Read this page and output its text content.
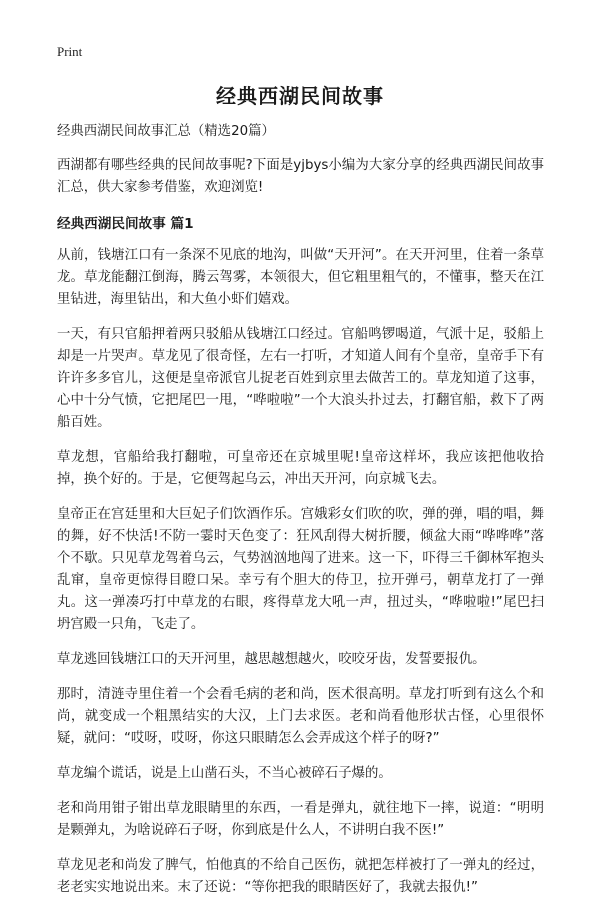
Print
经典西湖民间故事

经典西湖民间故事汇总（精选20篇）

西湖都有哪些经典的民间故事呢?下面是yjbys小编为大家分享的经典西湖民间故事汇总，供大家参考借鉴，欢迎浏览!

经典西湖民间故事 篇1

从前，钱塘江口有一条深不见底的地沟，叫做“天开河”。在天开河里，住着一条草龙。草龙能翻江倒海，腾云驾雾，本领很大，但它粗里粗气的，不懂事，整天在江里钻进，海里钻出，和大鱼小虾们嬉戏。

一天，有只官船押着两只驳船从钱塘江口经过。官船鸣锣喝道，气派十足，驳船上却是一片哭声。草龙见了很奇怪，左右一打听，才知道人间有个皇帝，皇帝手下有许许多多官儿，这便是皇帝派官儿捉老百姓到京里去做苦工的。草龙知道了这事，心中十分气愤，它把尾巴一甩，“哗啦啦”一个大浪头扑过去，打翻官船，救下了两船百姓。

草龙想，官船给我打翻啦，可皇帝还在京城里呢!皇帝这样坏，我应该把他收拾掉，换个好的。于是，它便驾起乌云，冲出天开河，向京城飞去。

皇帝正在宫廷里和大巨妃子们饮酒作乐。宫娥彩女们吹的吹，弹的弹，唱的唱，舞的舞，好不快活!不防一霎时天色变了：狂风刮得大树折腰，倾盆大雨“哗哗哗”落个不歇。只见草龙驾着乌云，气势汹汹地闯了进来。这一下，吓得三千御林军抱头乱窜，皇帝更惊得目瞪口呆。幸亏有个胆大的侍卫，拉开弹弓，朝草龙打了一弹丸。这一弹凑巧打中草龙的右眼，疼得草龙大吼一声，扭过头，“哗啦啦!”尾巴扫坍宫殿一只角，飞走了。

草龙逃回钱塘江口的天开河里，越思越想越火，咬咬牙齿，发誓要报仇。

那时，清涟寺里住着一个会看毛病的老和尚，医术很高明。草龙打听到有这么个和尚，就变成一个粗黑结实的大汉，上门去求医。老和尚看他形状古怪，心里很怀疑，就问：“哎呀，哎呀，你这只眼睛怎么会弄成这个样子的呀?”

草龙编个谎话，说是上山凿石头，不当心被碎石子爆的。

老和尚用钳子钳出草龙眼睛里的东西，一看是弹丸，就往地下一摔，说道：“明明是颗弹丸，为啥说碎石子呀，你到底是什么人，不讲明白我不医!”

草龙见老和尚发了脾气，怕他真的不给自己医伤，就把怎样被打了一弹丸的经过，老老实实地说出来。末了还说：“等你把我的眼睛医好了，我就去报仇!”
